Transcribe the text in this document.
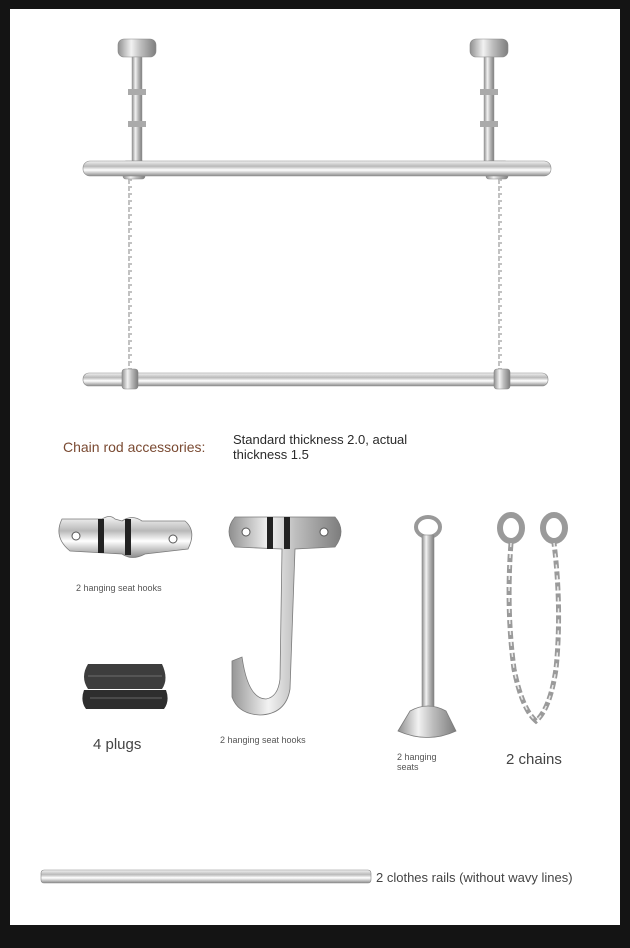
Chain rod accessories: Standard thickness 2.0, actual thickness 1.5
2 hanging seat hooks
4 plugs	2 hanging seat hooks
2 hanging seats	2 chains
2 clothes rails (without wavy lines)
